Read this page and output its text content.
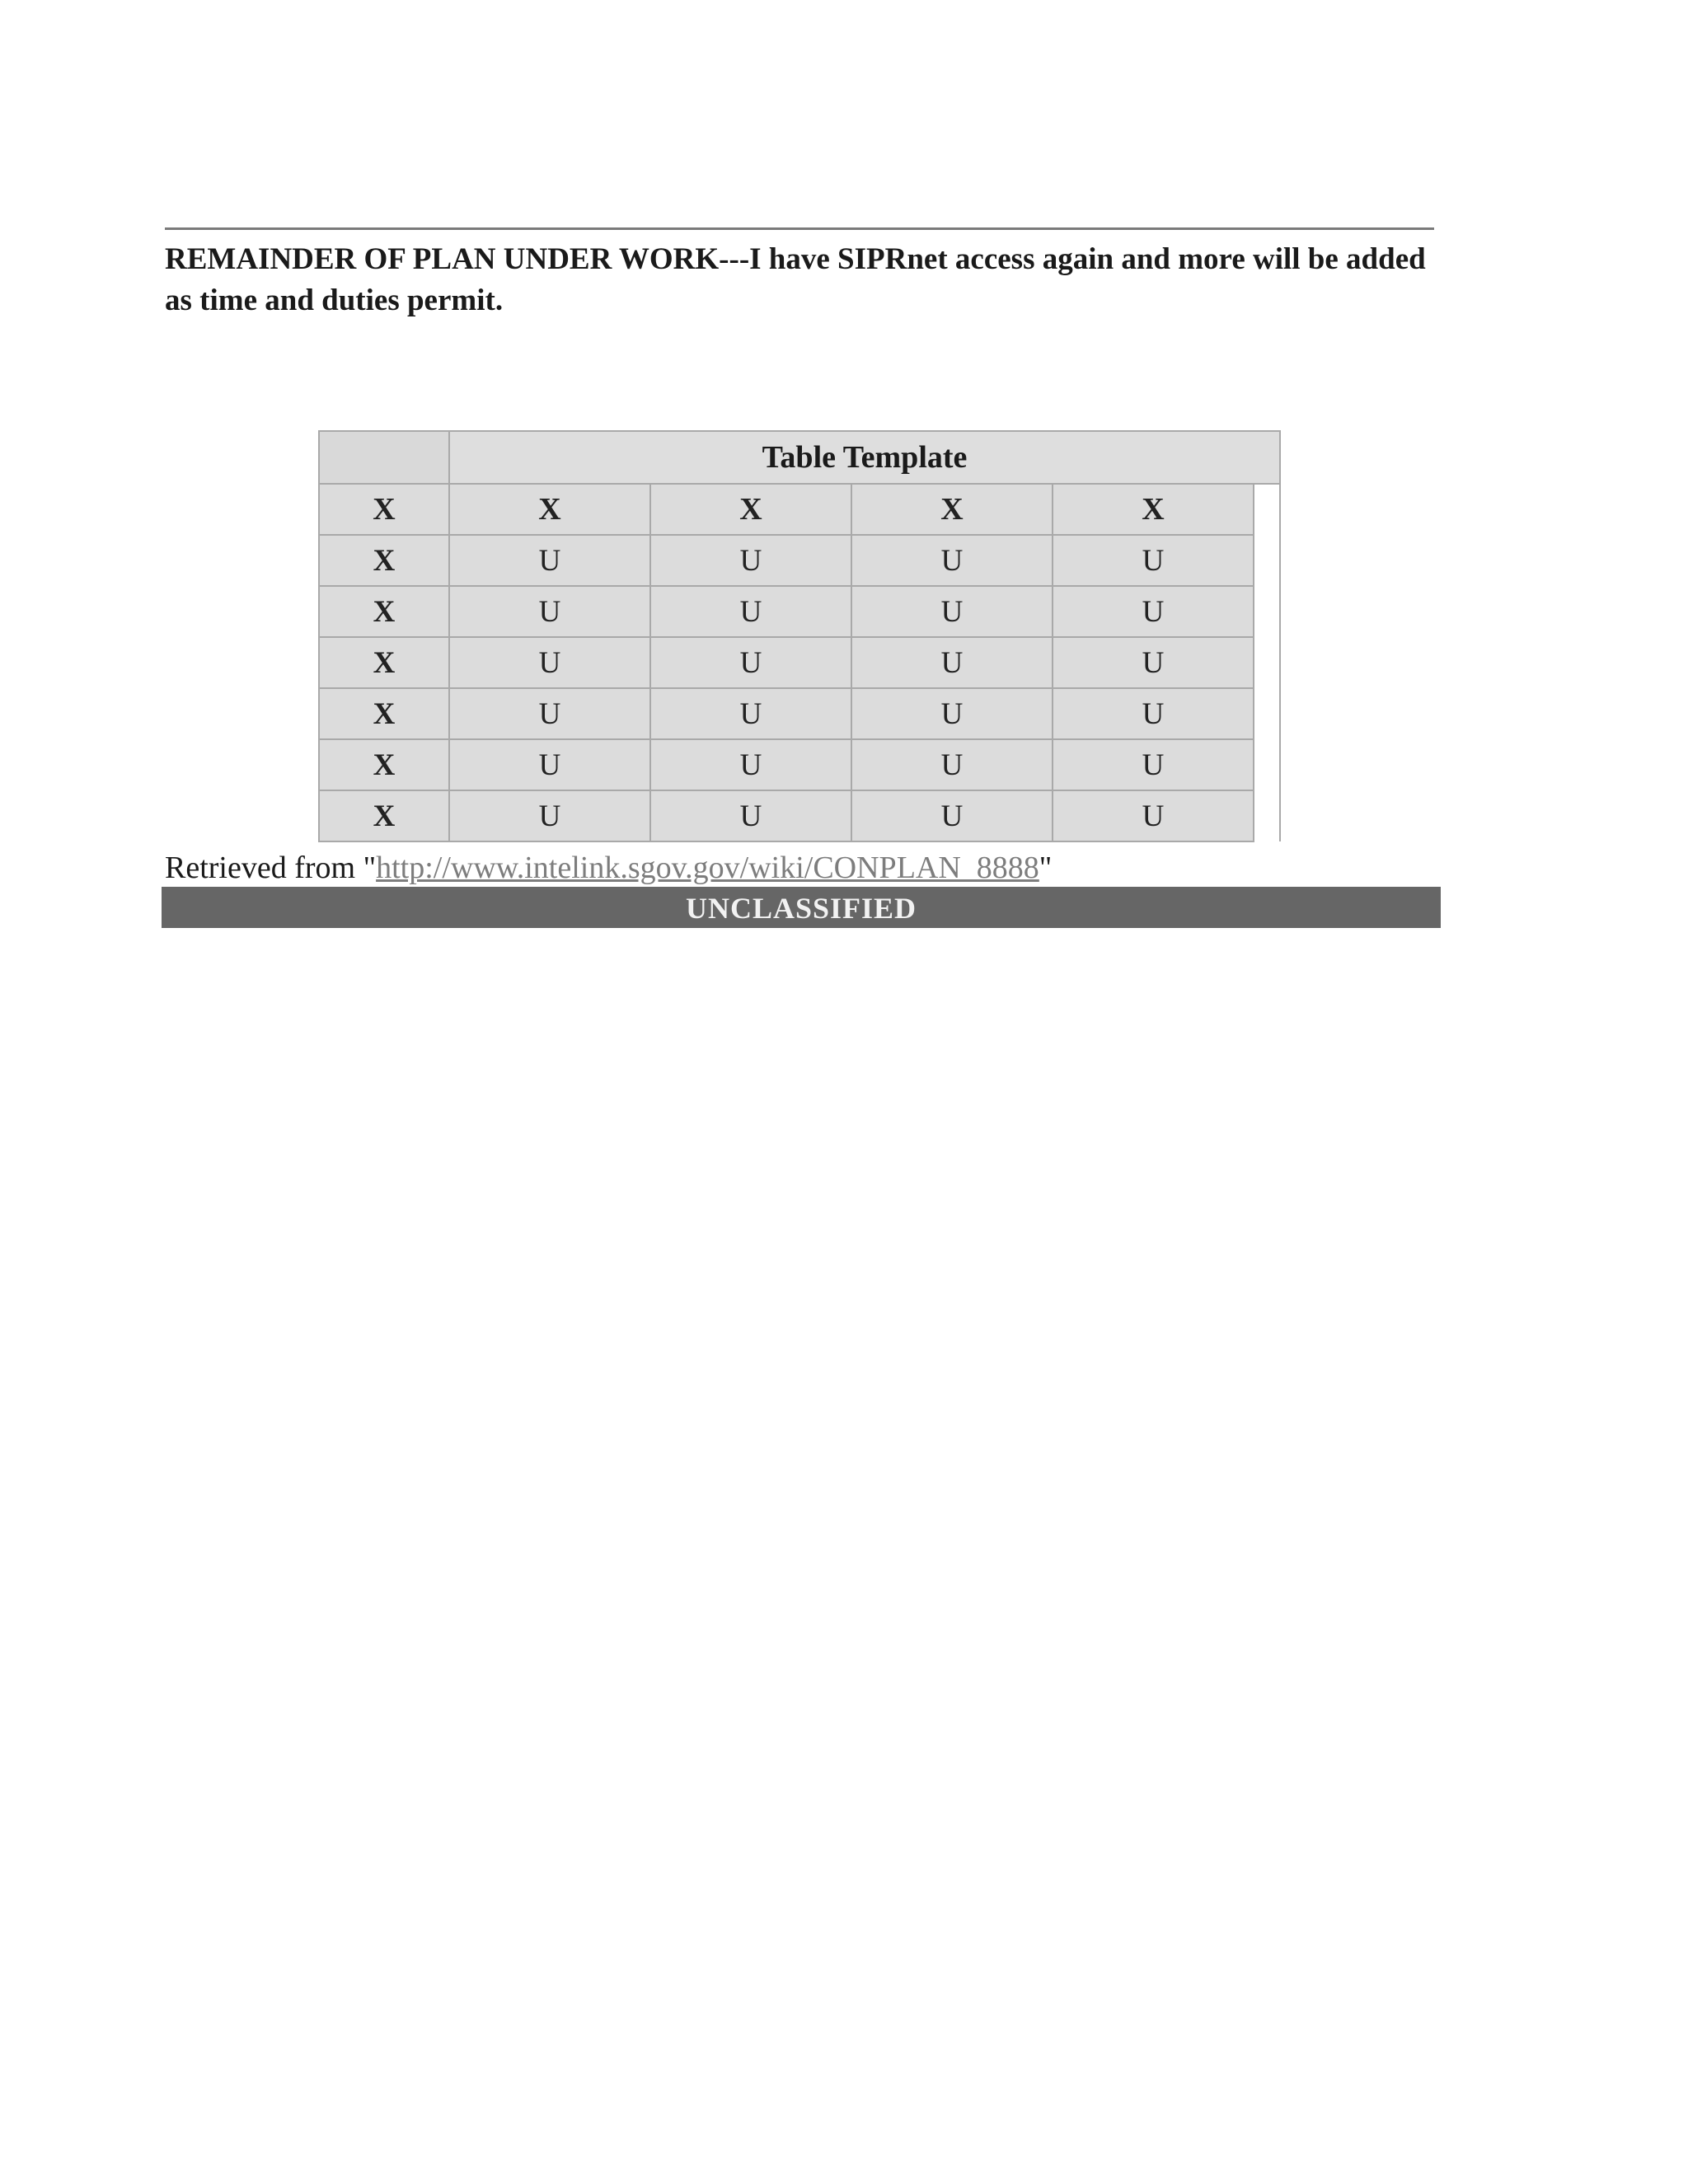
REMAINDER OF PLAN UNDER WORK---I have SIPRnet access again and more will be added as time and duties permit.

	Table Template				
X	X	X	X	X	
X	U	U	U	U	
X	U	U	U	U	
X	U	U	U	U	
X	U	U	U	U	
X	U	U	U	U	
X	U	U	U	U	
Retrieved from "http://www.intelink.sgov.gov/wiki/CONPLAN_8888"
UNCLASSIFIED
